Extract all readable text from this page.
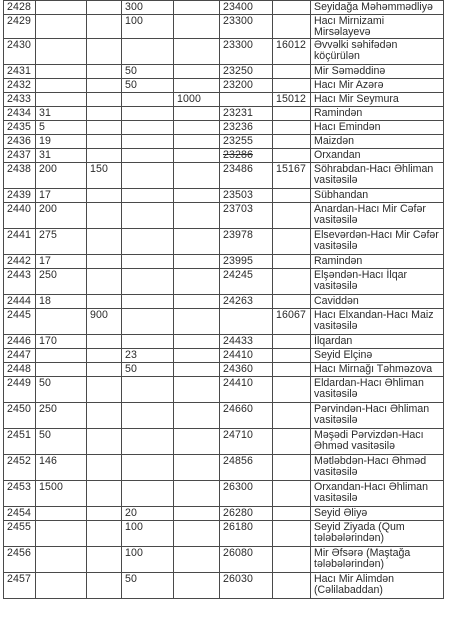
2428			300		23400		Seyidağa Məhəmmədliyə
2429			100		23300		Hacı Mirnizami Mirsəlayevə
2430					23300	16012	Əvvəlki səhifədən köçürülən
2431			50		23250		Mir Səməddinə
2432			50		23200		Hacı Mir Azərə
2433				1000		15012	Hacı Mir Seymura
2434	31				23231		Ramindən
2435	5				23236		Hacı Emindən
2436	19				23255		Maizdən
2437	31				23286		Orxandan
2438	200	150			23486	15167	Söhrabdan-Hacı Əhliman vasitəsilə
2439	17				23503		Sübhandan
2440	200				23703		Anardan-Hacı Mir Cəfər vasitəsilə
2441	275				23978		Elsevərdən-Hacı Mir Cəfər vasitəsilə
2442	17				23995		Ramindən
2443	250				24245		Elşəndən-Hacı İlqar vasitəsilə
2444	18				24263		Caviddən
2445		900				16067	Hacı Elxandan-Hacı Maiz vasitəsilə
2446	170				24433		İlqardan
2447			23		24410		Seyid Elçinə
2448			50		24360		Hacı Mirnağı Təhməzova
2449	50				24410		Eldardan-Hacı Əhliman vasitəsilə
2450	250				24660		Pərvindən-Hacı Əhliman vasitəsilə
2451	50				24710		Məşədi Pərvizdən-Hacı Əhməd vasitəsilə
2452	146				24856		Mətləbdən-Hacı Əhməd vasitəsilə
2453	1500				26300		Orxandan-Hacı Əhliman vasitəsilə
2454			20		26280		Seyid Əliyə
2455			100		26180		Seyid Ziyada (Qum tələbələrindən)
2456			100		26080		Mir Əfsərə (Maştağa tələbələrindən)
2457			50		26030		Hacı Mir Alimdən (Cəlilabaddan)
